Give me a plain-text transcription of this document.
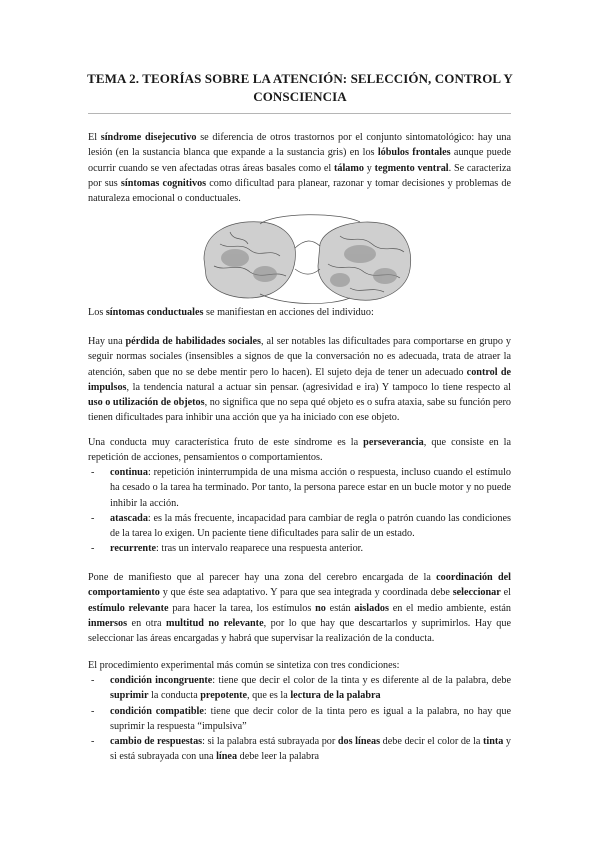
TEMA 2. TEORÍAS SOBRE LA ATENCIÓN: SELECCIÓN, CONTROL Y CONSCIENCIA

El síndrome disejecutivo se diferencia de otros trastornos por el conjunto sintomatológico: hay una lesión (en la sustancia blanca que expande a la sustancia gris) en los lóbulos frontales aunque puede ocurrir cuando se ven afectadas otras áreas basales como el tálamo y tegmento ventral. Se caracteriza por sus síntomas cognitivos como dificultad para planear, razonar y tomar decisiones y problemas de naturaleza emocional o conductuales.

Los síntomas conductuales se manifiestan en acciones del individuo:

Hay una pérdida de habilidades sociales, al ser notables las dificultades para comportarse en grupo y seguir normas sociales (insensibles a signos de que la conversación no es adecuada, trata de atraer la atención, saben que no se debe mentir pero lo hacen). El sujeto deja de tener un adecuado control de impulsos, la tendencia natural a actuar sin pensar. (agresividad e ira) Y tampoco lo tiene respecto al uso o utilización de objetos, no significa que no sepa qué objeto es o sufra ataxia, sabe su función pero tienen dificultades para inhibir una acción que ya ha iniciado con ese objeto.

Una conducta muy característica fruto de este síndrome es la perseverancia, que consiste en la repetición de acciones, pensamientos o comportamientos.

- continua: repetición ininterrumpida de una misma acción o respuesta, incluso cuando el estímulo ha cesado o la tarea ha terminado. Por tanto, la persona parece estar en un bucle motor y no puede inhibir la acción.
- atascada: es la más frecuente, incapacidad para cambiar de regla o patrón cuando las condiciones de la tarea lo exigen. Un paciente tiene dificultades para salir de un estado.
- recurrente: tras un intervalo reaparece una respuesta anterior.

Pone de manifiesto que al parecer hay una zona del cerebro encargada de la coordinación del comportamiento y que éste sea adaptativo. Y para que sea integrada y coordinada debe seleccionar el estímulo relevante para hacer la tarea, los estímulos no están aislados en el medio ambiente, están inmersos en otra multitud no relevante, por lo que hay que descartarlos y suprimirlos. Hay que seleccionar las áreas encargadas y habrá que supervisar la realización de la conducta.

El procedimiento experimental más común se sintetiza con tres condiciones:

- condición incongruente: tiene que decir el color de la tinta y es diferente al de la palabra, debe suprimir la conducta prepotente, que es la lectura de la palabra
- condición compatible: tiene que decir color de la tinta pero es igual a la palabra, no hay que suprimir la respuesta “impulsiva”
- cambio de respuestas: si la palabra está subrayada por dos líneas debe decir el color de la tinta y si está subrayada con una línea debe leer la palabra
